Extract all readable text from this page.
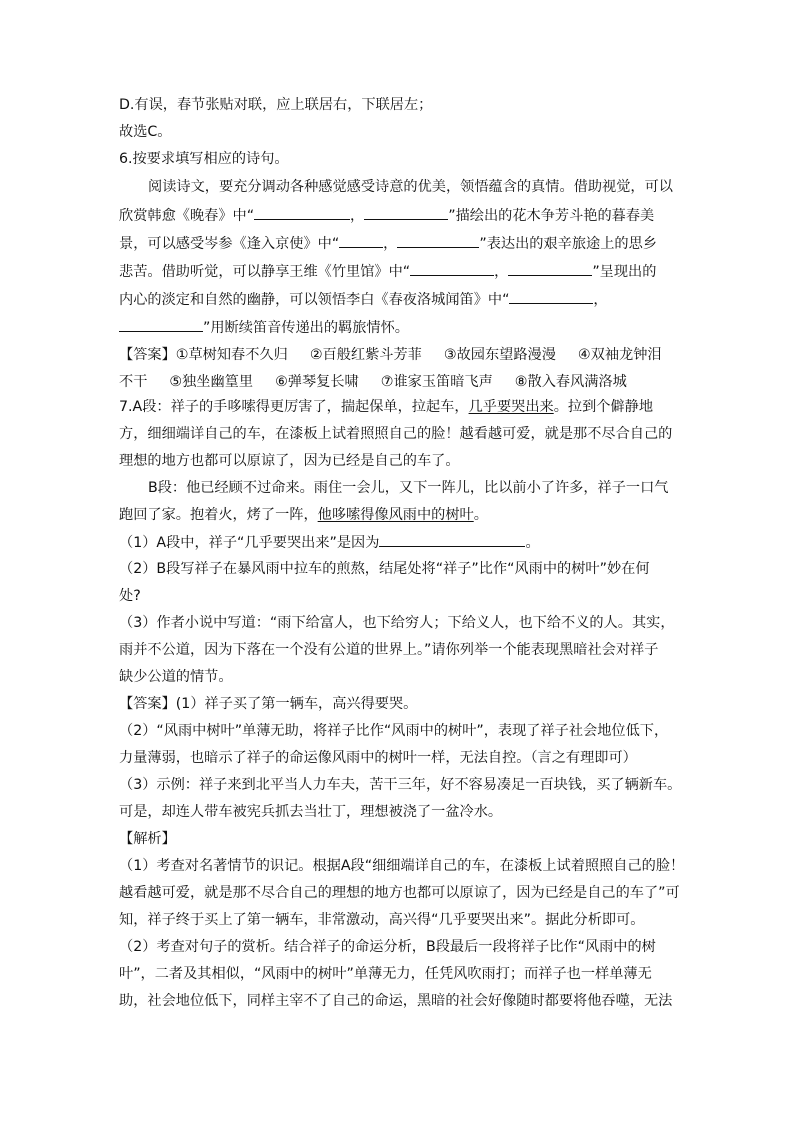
D.有误，春节张贴对联，应上联居右，下联居左；
故选C。
6.按要求填写相应的诗句。
阅读诗文，要充分调动各种感觉感受诗意的优美，领悟蕴含的真情。借助视觉，可以
欣赏韩愈《晚春》中“	，	”描绘出的花木争芳斗艳的暮春美
景，可以感受岑参《逢入京使》中“	，	”表达出的艰辛旅途上的思乡
悲苦。借助听觉，可以静享王维《竹里馆》中“	，	”呈现出的
内心的淡定和自然的幽静，可以领悟李白《春夜洛城闻笛》中“	，
”用断续笛音传递出的羁旅情怀。
【答案】①草树知春不久归 ②百般红紫斗芳菲 ③故园东望路漫漫 ④双袖龙钟泪
不干 ⑤独坐幽篁里 ⑥弹琴复长啸 ⑦谁家玉笛暗飞声 ⑧散入春风满洛城
7.A段：祥子的手哆嗦得更厉害了，揣起保单，拉起车，几乎要哭出来。拉到个僻静地
方，细细端详自己的车，在漆板上试着照照自己的脸！越看越可爱，就是那不尽合自己的
理想的地方也都可以原谅了，因为已经是自己的车了。
B段：他已经顾不过命来。雨住一会儿，又下一阵儿，比以前小了许多，祥子一口气
跑回了家。抱着火，烤了一阵，他哆嗦得像风雨中的树叶。
（1）A段中，祥子“几乎要哭出来”是因为	。
（2）B段写祥子在暴风雨中拉车的煎熬，结尾处将“祥子”比作“风雨中的树叶”妙在何
处?
（3）作者小说中写道：“雨下给富人，也下给穷人；下给义人，也下给不义的人。其实，
雨并不公道，因为下落在一个没有公道的世界上。”请你列举一个能表现黑暗社会对祥子
缺少公道的情节。
【答案】(1）祥子买了第一辆车，高兴得要哭。
（2）“风雨中树叶”单薄无助，将祥子比作“风雨中的树叶”，表现了祥子社会地位低下，
力量薄弱，也暗示了祥子的命运像风雨中的树叶一样，无法自控。（言之有理即可）
（3）示例：祥子来到北平当人力车夫，苦干三年，好不容易凑足一百块钱，买了辆新车。
可是，却连人带车被宪兵抓去当壮丁，理想被浇了一盆冷水。
【解析】
（1）考查对名著情节的识记。根据A段“细细端详自己的车，在漆板上试着照照自己的脸！
越看越可爱，就是那不尽合自己的理想的地方也都可以原谅了，因为已经是自己的车了”可
知，祥子终于买上了第一辆车，非常激动，高兴得“几乎要哭出来”。据此分析即可。
（2）考查对句子的赏析。结合祥子的命运分析，B段最后一段将祥子比作“风雨中的树
叶”，二者及其相似，“风雨中的树叶”单薄无力，任凭风吹雨打；而祥子也一样单薄无
助，社会地位低下，同样主宰不了自己的命运，黑暗的社会好像随时都要将他吞噬，无法
